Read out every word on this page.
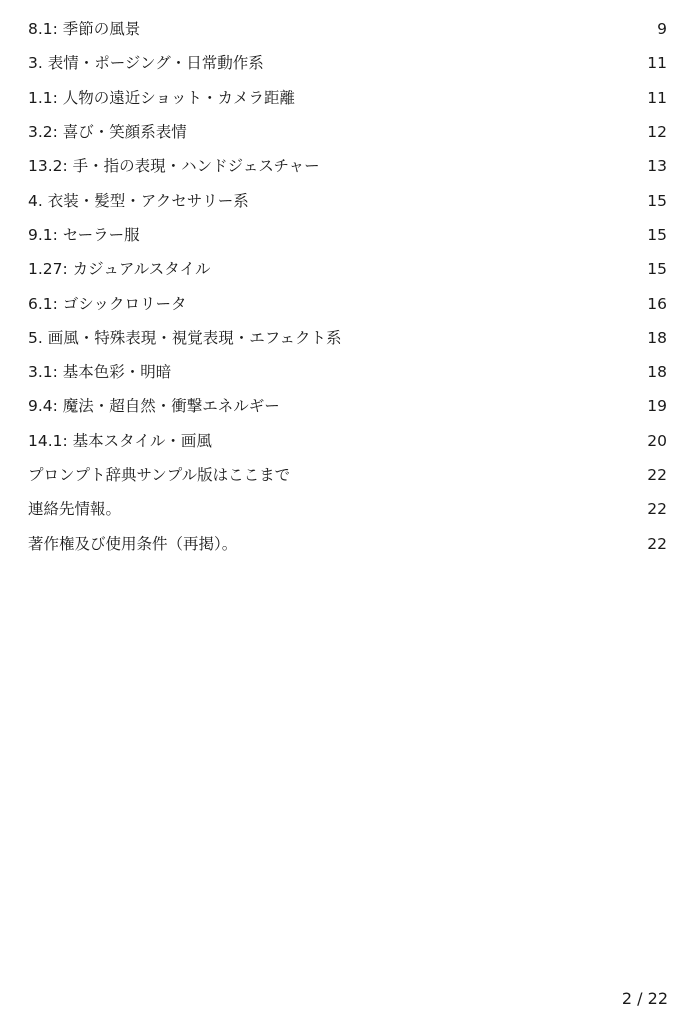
8.1: 季節の風景	9
3. 表情・ポージング・日常動作系	11
1.1: 人物の遠近ショット・カメラ距離	11
3.2: 喜び・笑顔系表情	12
13.2: 手・指の表現・ハンドジェスチャー	13
4. 衣装・髪型・アクセサリー系	15
9.1: セーラー服	15
1.27: カジュアルスタイル	15
6.1: ゴシックロリータ	16
5. 画風・特殊表現・視覚表現・エフェクト系	18
3.1: 基本色彩・明暗	18
9.4: 魔法・超自然・衝撃エネルギー	19
14.1: 基本スタイル・画風	20
プロンプト辞典サンプル版はここまで	22
連絡先情報。	22
著作権及び使用条件（再掲）。	22
2 / 22
